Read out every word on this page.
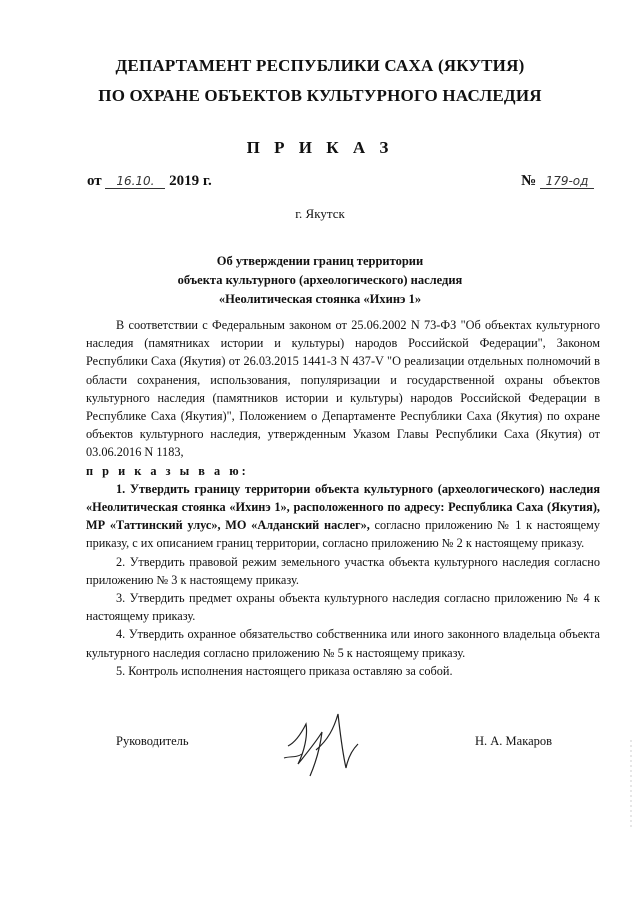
ДЕПАРТАМЕНТ РЕСПУБЛИКИ САХА (ЯКУТИЯ)
ПО ОХРАНЕ ОБЪЕКТОВ КУЛЬТУРНОГО НАСЛЕДИЯ
П Р И К А З
от 16.10. 2019 г.	№ 179-од
г. Якутск
Об утверждении границ территории
объекта культурного (археологического) наследия
«Неолитическая стоянка «Ихинэ 1»

В соответствии с Федеральным законом от 25.06.2002 N 73-ФЗ "Об объектах культурного наследия (памятниках истории и культуры) народов Российской Федерации", Законом Республики Саха (Якутия) от 26.03.2015 1441-З N 437-V "О реализации отдельных полномочий в области сохранения, использования, популяризации и государственной охраны объектов культурного наследия (памятников истории и культуры) народов Российской Федерации в Республике Саха (Якутия)", Положением о Департаменте Республики Саха (Якутия) по охране объектов культурного наследия, утвержденным Указом Главы Республики Саха (Якутия) от 03.06.2016 N 1183,

п р и к а з ы в а ю:

1. Утвердить границу территории объекта культурного (археологического) наследия «Неолитическая стоянка «Ихинэ 1», расположенного по адресу: Республика Саха (Якутия), МР «Таттинский улус», МО «Алданский наслег», согласно приложению № 1 к настоящему приказу, с их описанием границ территории, согласно приложению № 2 к настоящему приказу.

2. Утвердить правовой режим земельного участка объекта культурного наследия согласно приложению № 3 к настоящему приказу.

3. Утвердить предмет охраны объекта культурного наследия согласно приложению № 4 к настоящему приказу.

4. Утвердить охранное обязательство собственника или иного законного владельца объекта культурного наследия согласно приложению № 5 к настоящему приказу.

5. Контроль исполнения настоящего приказа оставляю за собой.

Руководитель	Н. А. Макаров
